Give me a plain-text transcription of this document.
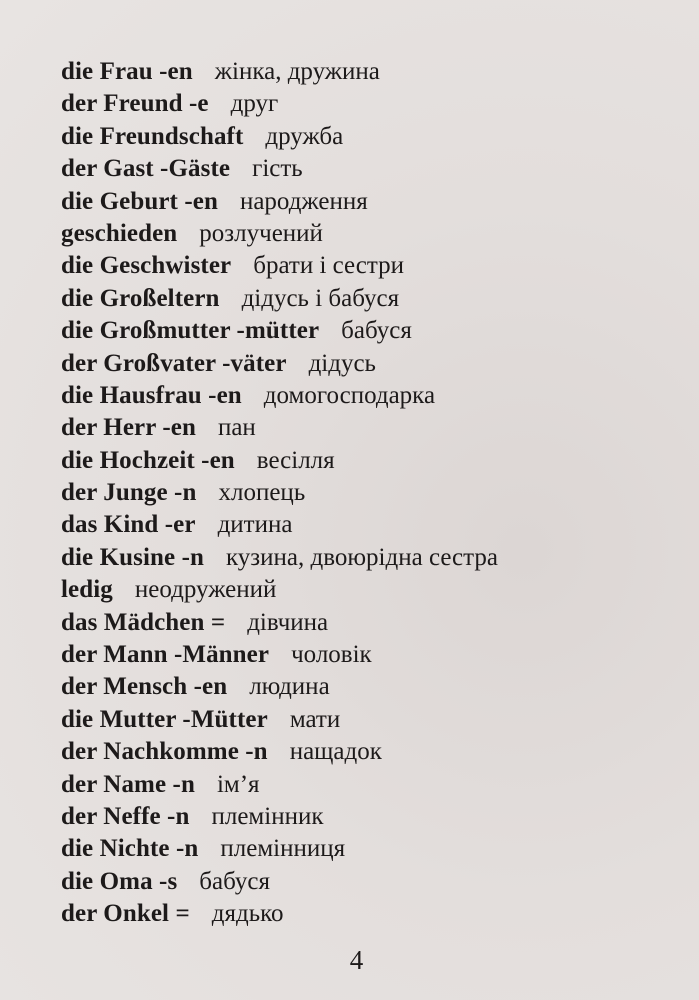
die Frau -en жінка, дружина
der Freund -e друг
die Freundschaft дружба
der Gast -Gäste гість
die Geburt -en народження
geschieden розлучений
die Geschwister брати і сестри
die Großeltern дідусь і бабуся
die Großmutter -mütter бабуся
der Großvater -väter дідусь
die Hausfrau -en домогосподарка
der Herr -en пан
die Hochzeit -en весілля
der Junge -n хлопець
das Kind -er дитина
die Kusine -n кузина, двоюрідна сестра
ledig неодружений
das Mädchen = дівчина
der Mann -Männer чоловік
der Mensch -en людина
die Mutter -Mütter мати
der Nachkomme -n нащадок
der Name -n ім’я
der Neffe -n племінник
die Nichte -n племінниця
die Oma -s бабуся
der Onkel = дядько
4
